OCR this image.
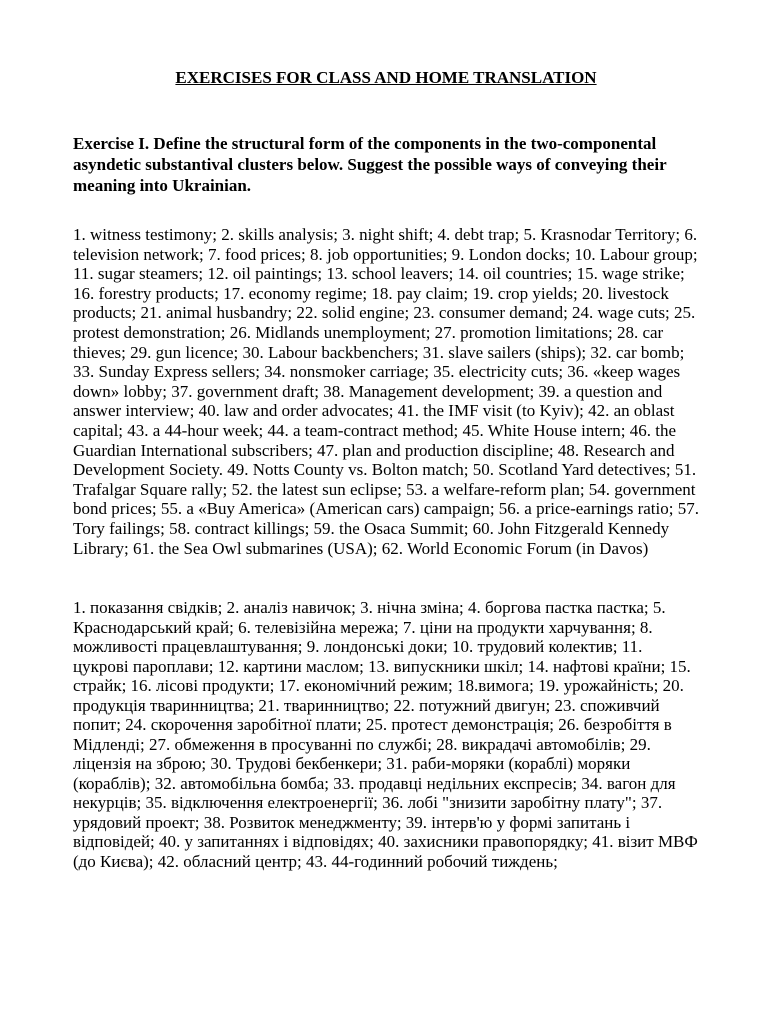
EXERCISES FOR CLASS AND HOME TRANSLATION
Exercise I. Define the structural form of the components in the two-componental asyndetic substantival clusters below. Suggest the possible ways of conveying their meaning into Ukrainian.

1. witness testimony; 2. skills analysis; 3. night shift; 4. debt trap; 5. Krasnodar Territory; 6. television network; 7. food prices; 8. job opportunities; 9. London docks; 10. Labour group; 11. sugar steamers; 12. oil paintings; 13. school leavers; 14. oil countries; 15. wage strike; 16. forestry products; 17. economy regime; 18. pay claim; 19. crop yields; 20. livestock products; 21. animal husbandry; 22. solid engine; 23. consumer demand; 24. wage cuts; 25. protest demonstration; 26. Midlands unemployment; 27. promotion limitations; 28. car thieves; 29. gun licence; 30. Labour backbenchers; 31. slave sailers (ships); 32. car bomb; 33. Sunday Express sellers; 34. nonsmoker carriage; 35. electricity cuts; 36. «keep wages down» lobby; 37. government draft; 38. Management development; 39. a question and answer interview; 40. law and order advocates; 41. the IMF visit (to Kyiv); 42. an oblast capital; 43. a 44-hour week; 44. a team-contract method; 45. White House intern; 46. the Guardian International subscribers; 47. plan and production discipline; 48. Research and Development Society. 49. Notts County vs. Bolton match; 50. Scotland Yard detectives; 51. Trafalgar Square rally; 52. the latest sun eclipse; 53. a welfare-reform plan; 54. government bond prices; 55. a «Buy America» (American cars) campaign; 56. a price-earnings ratio; 57. Tory failings; 58. contract killings; 59. the Osaca Summit; 60. John Fitzgerald Kennedy Library; 61. the Sea Owl submarines (USA); 62. World Economic Forum (in Davos)

1. показання свідків; 2. аналіз навичок; 3. нічна зміна; 4. боргова пастка пастка; 5. Краснодарський край; 6. телевізійна мережа; 7. ціни на продукти харчування; 8. можливості працевлаштування; 9. лондонські доки; 10. трудовий колектив; 11. цукрові пароплави; 12. картини маслом; 13. випускники шкіл; 14. нафтові країни; 15. страйк; 16. лісові продукти; 17. економічний режим; 18.вимога; 19. урожайність; 20. продукція тваринництва; 21. тваринництво; 22. потужний двигун; 23. споживчий попит; 24. скорочення заробітної плати; 25. протест демонстрація; 26. безробіття в Мідленді; 27. обмеження в просуванні по службі; 28. викрадачі автомобілів; 29. ліцензія на зброю; 30. Трудові бекбенкери; 31. раби-моряки (кораблі) моряки (кораблів); 32. автомобільна бомба; 33. продавці недільних експресів; 34. вагон для некурців; 35. відключення електроенергії; 36. лобі "знизити заробітну плату"; 37. урядовий проект; 38. Розвиток менеджменту; 39. інтерв'ю у формі запитань і відповідей; 40. у запитаннях і відповідях; 40. захисники правопорядку; 41. візит МВФ (до Києва); 42. обласний центр; 43. 44-годинний робочий тиждень;
